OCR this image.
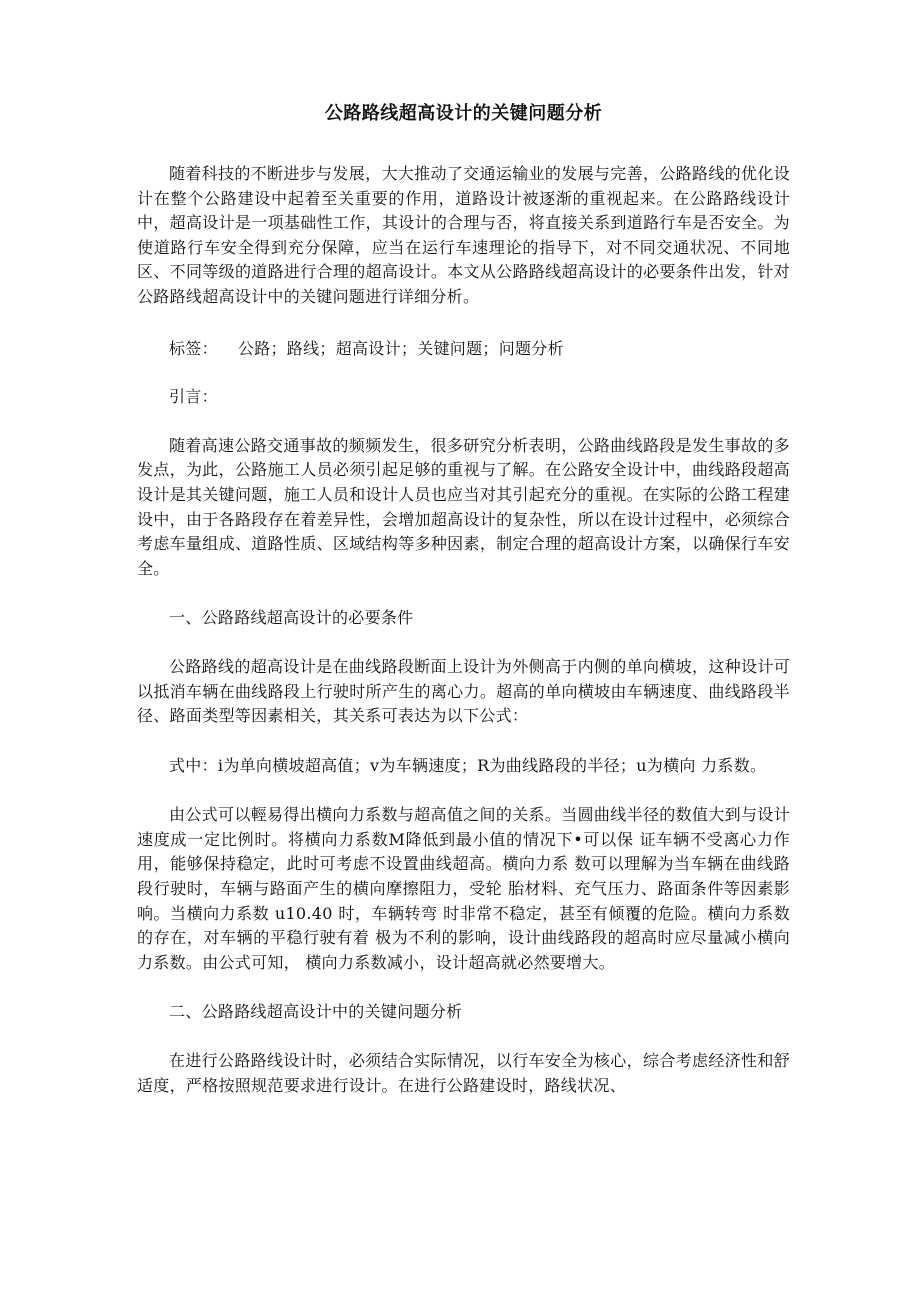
公路路线超高设计的关键问题分析

随着科技的不断进步与发展，大大推动了交通运输业的发展与完善，公路路线的优化设计在整个公路建设中起着至关重要的作用，道路设计被逐渐的重视起来。在公路路线设计中，超高设计是一项基础性工作，其设计的合理与否，将直接关系到道路行车是否安全。为使道路行车安全得到充分保障，应当在运行车速理论的指导下，对不同交通状况、不同地区、不同等级的道路进行合理的超高设计。本文从公路路线超高设计的必要条件出发，针对公路路线超高设计中的关键问题进行详细分析。

标签： 公路；路线；超高设计；关键问题；问题分析

引言：

随着高速公路交通事故的频频发生，很多研究分析表明，公路曲线路段是发生事故的多发点，为此，公路施工人员必须引起足够的重视与了解。在公路安全设计中，曲线路段超高设计是其关键问题，施工人员和设计人员也应当对其引起充分的重视。在实际的公路工程建设中，由于各路段存在着差异性，会增加超高设计的复杂性，所以在设计过程中，必须综合考虑车量组成、道路性质、区域结构等多种因素，制定合理的超高设计方案，以确保行车安全。

一、公路路线超高设计的必要条件

公路路线的超高设计是在曲线路段断面上设计为外侧高于内侧的单向横坡，这种设计可以抵消车辆在曲线路段上行驶时所产生的离心力。超高的单向横坡由车辆速度、曲线路段半径、路面类型等因素相关，其关系可表达为以下公式：

式中：i为单向横坡超高值；v为车辆速度；R为曲线路段的半径；u为横向 力系数。

由公式可以輕易得出横向力系数与超高值之间的关系。当圆曲线半径的数值大到与设计速度成一定比例时。将横向力系数M降低到最小值的情况下•可以保 证车辆不受离心力作用，能够保持稳定，此时可考虑不设置曲线超高。横向力系 数可以理解为当车辆在曲线路段行驶时，车辆与路面产生的横向摩擦阻力，受轮 胎材料、充气压力、路面条件等因素影响。当横向力系数 u10.40 时，车辆转弯 时非常不稳定，甚至有倾覆的危险。横向力系数的存在，对车辆的平稳行驶有着 极为不利的影响，设计曲线路段的超高时应尽量减小横向力系数。由公式可知， 横向力系数减小，设计超高就必然要增大。

二、公路路线超高设计中的关键问题分析

在进行公路路线设计时，必须结合实际情况，以行车安全为核心，综合考虑经济性和舒适度，严格按照规范要求进行设计。在进行公路建设时，路线状况、
